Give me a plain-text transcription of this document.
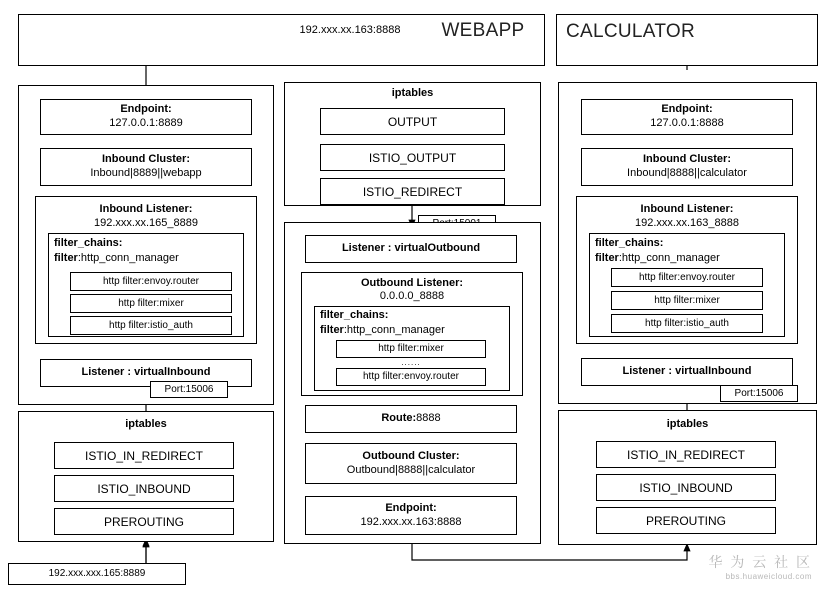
192.xxx.xx.163:8888	WEBAPP	CALCULATOR
Endpoint:
127.0.0.1:8889
Inbound Cluster:
Inbound|8889||webapp
Inbound Listener:
192.xxx.xx.165_8889
filter_chains:
filter:http_conn_manager
http filter:envoy.router
http filter:mixer
http filter:istio_auth
Listener : virtualInbound
Port:15006
iptables
ISTIO_IN_REDIRECT
ISTIO_INBOUND
PREROUTING
192.xxx.xxx.165:8889
iptables
OUTPUT
ISTIO_OUTPUT
ISTIO_REDIRECT
Listener : virtualOutbound
Outbound Listener:
0.0.0.0_8888
filter_chains:
filter:http_conn_manager
http filter:mixer
......
http filter:envoy.router
Route:8888
Outbound Cluster:
Outbound|8888||calculator
Endpoint:
192.xxx.xx.163:8888
Endpoint:
127.0.0.1:8888
Inbound Cluster:
Inbound|8888||calculator
Inbound Listener:
192.xxx.xx.163_8888
filter_chains:
filter:http_conn_manager
http filter:envoy.router
http filter:mixer
http filter:istio_auth
Listener : virtualInbound
Port:15006
iptables
ISTIO_IN_REDIRECT
ISTIO_INBOUND
PREROUTING
华 为 云 社 区
bbs.huaweicloud.com
